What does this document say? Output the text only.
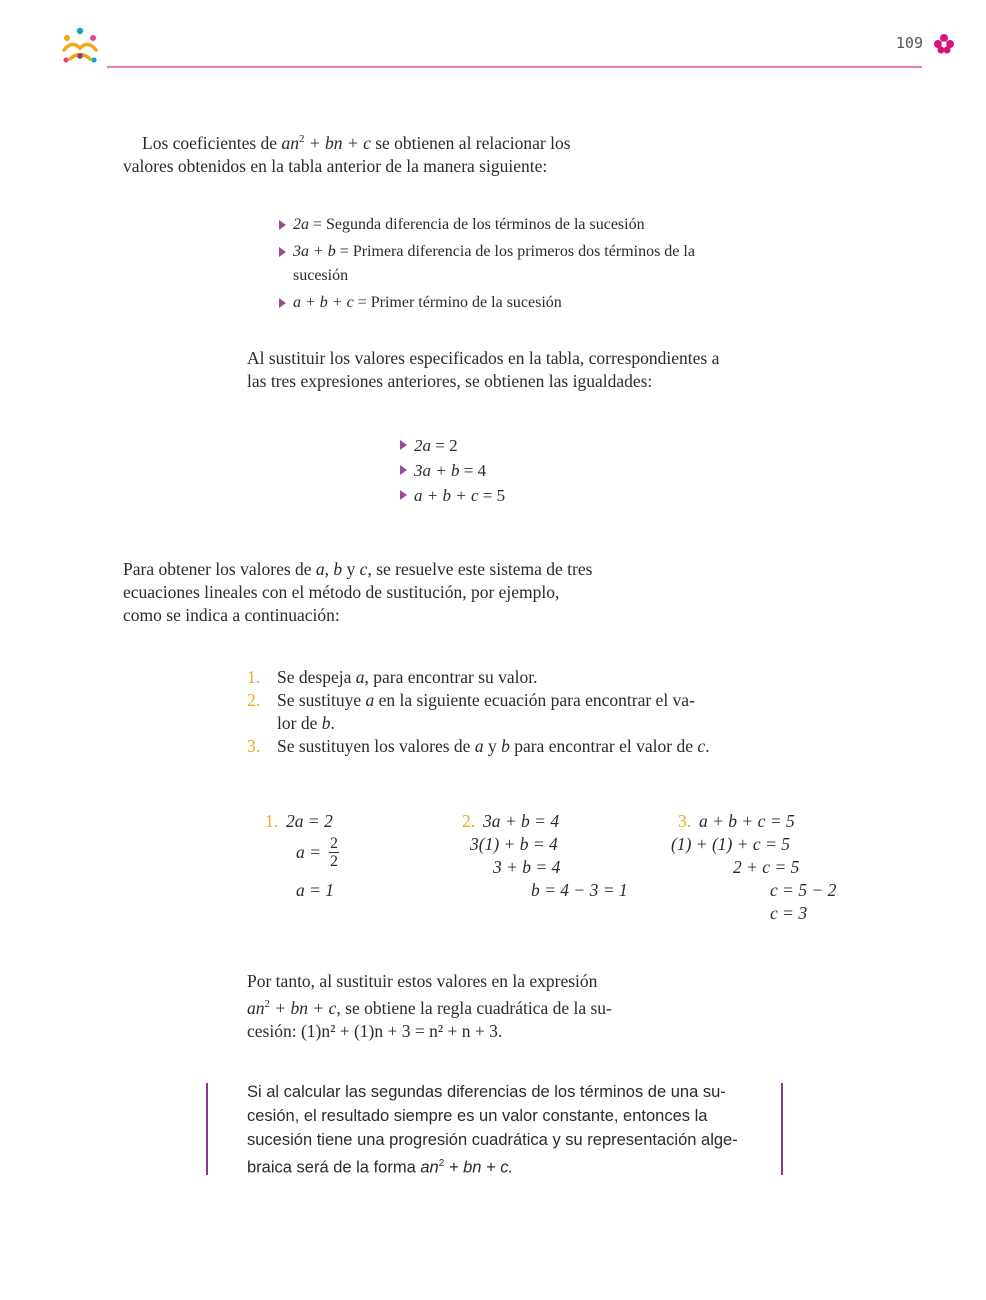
109

Los coeficientes de $an^2$ + bn + c se obtienen al relacionar los

valores obtenidos en la tabla anterior de la manera siguiente:

2a = Segunda diferencia de los términos de la sucesión
3a + b = Primera diferencia de los primeros dos términos de la sucesión
a + b + c = Primer término de la sucesión

Al sustituir los valores especificados en la tabla, correspondientes a

las tres expresiones anteriores, se obtienen las igualdades:

2a = 2
3a + b = 4
a + b + c = 5

Para obtener los valores de a, b y c, se resuelve este sistema de tres

ecuaciones lineales con el método de sustitución, por ejemplo,

como se indica a continuación:

1. Se despeja a, para encontrar su valor.
2. Se sustituye a en la siguiente ecuación para encontrar el va-
lor de b.
3. Se sustituyen los valores de a y b para encontrar el valor de c.
1. 2a = 2
$a = \frac{2}{2}$
a = 1
2. 3a + b = 4
3(1) + b = 4
3 + b = 4
b = 4 − 3 = 1
3. a + b + c = 5
(1) + (1) + c = 5
2 + c = 5
c = 5 − 2
c = 3

Por tanto, al sustituir estos valores en la expresión

$an^2$ + bn + c, se obtiene la regla cuadrática de la su-

cesión: (1)n² + (1)n + 3 = n² + n + 3.

Si al calcular las segundas diferencias de los términos de una su-

cesión, el resultado siempre es un valor constante, entonces la

sucesión tiene una progresión cuadrática y su representación alge-

braica será de la forma $an^2$ + bn + c.
